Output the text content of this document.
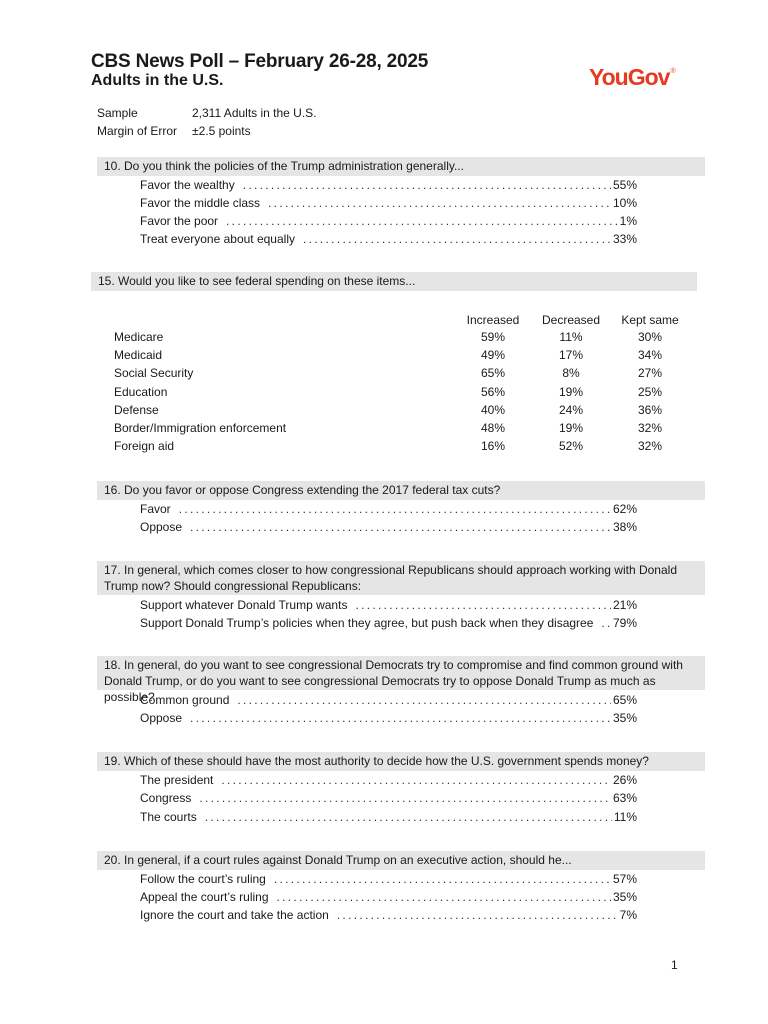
CBS News Poll – February 26-28, 2025
Adults in the U.S.	YouGov®
Sample	2,311 Adults in the U.S.
Margin of Error ±2.5 points
10. Do you think the policies of the Trump administration generally...
Favor the wealthy .....	55%
Favor the middle class .....	10%
Favor the poor .....	1%
Treat everyone about equally .....	33%
15. Would you like to see federal spending on these items...
Increased	Decreased	Kept same
Medicare	59%	11%	30%
Medicaid	49%	17%	34%
Social Security	65%	8%	27%
Education	56%	19%	25%
Defense	40%	24%	36%
Border/Immigration enforcement	48%	19%	32%
Foreign aid	16%	52%	32%
16. Do you favor or oppose Congress extending the 2017 federal tax cuts?
Favor .....	62%
Oppose .....	38%
17. In general, which comes closer to how congressional Republicans should approach working with Donald Trump now? Should congressional Republicans:
Support whatever Donald Trump wants .....	21%
Support Donald Trump’s policies when they agree, but push back when they disagree ..... 79%
18. In general, do you want to see congressional Democrats try to compromise and find common ground with Donald Trump, or do you want to see congressional Democrats try to oppose Donald Trump as much as possible?
Common ground .....	65%
Oppose .....	35%
19. Which of these should have the most authority to decide how the U.S. government spends money?
The president .....	26%
Congress .....	63%
The courts .....	11%
20. In general, if a court rules against Donald Trump on an executive action, should he...
Follow the court’s ruling .....	57%
Appeal the court’s ruling .....	35%
Ignore the court and take the action .....	7%
1
